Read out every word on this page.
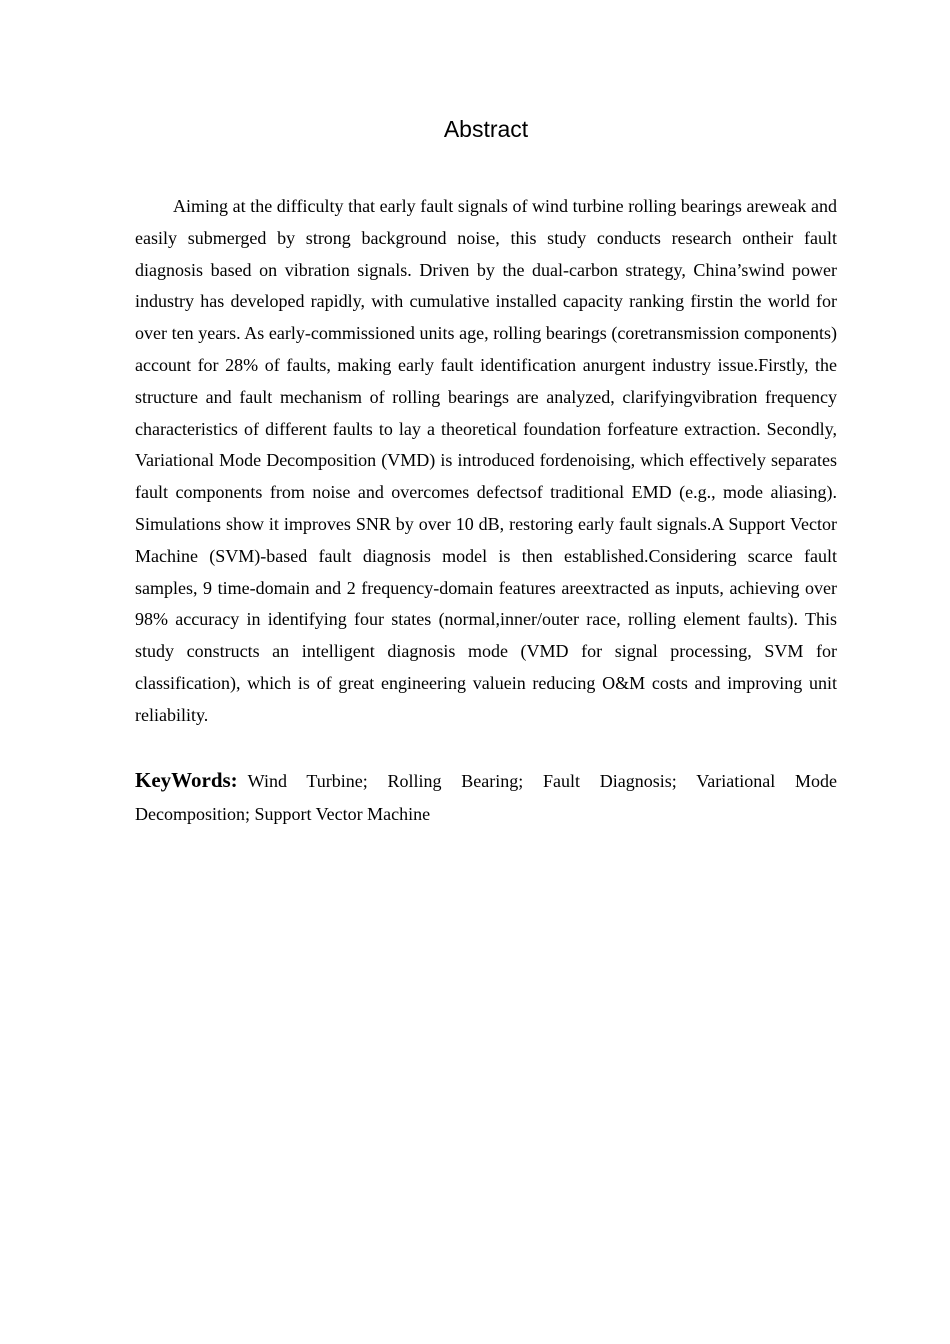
Abstract

Aiming at the difficulty that early fault signals of wind turbine rolling bearings areweak and easily submerged by strong background noise, this study conducts research ontheir fault diagnosis based on vibration signals. Driven by the dual-carbon strategy, China’swind power industry has developed rapidly, with cumulative installed capacity ranking firstin the world for over ten years. As early-commissioned units age, rolling bearings (coretransmission components) account for 28% of faults, making early fault identification anurgent industry issue.Firstly, the structure and fault mechanism of rolling bearings are analyzed, clarifyingvibration frequency characteristics of different faults to lay a theoretical foundation forfeature extraction. Secondly, Variational Mode Decomposition (VMD) is introduced fordenoising, which effectively separates fault components from noise and overcomes defectsof traditional EMD (e.g., mode aliasing). Simulations show it improves SNR by over 10 dB, restoring early fault signals.A Support Vector Machine (SVM)-based fault diagnosis model is then established.Considering scarce fault samples, 9 time-domain and 2 frequency-domain features areextracted as inputs, achieving over 98% accuracy in identifying four states (normal,inner/outer race, rolling element faults). This study constructs an intelligent diagnosis mode (VMD for signal processing, SVM for classification), which is of great engineering valuein reducing O&M costs and improving unit reliability.

KeyWords: Wind Turbine; Rolling Bearing; Fault Diagnosis; Variational Mode Decomposition; Support Vector Machine
